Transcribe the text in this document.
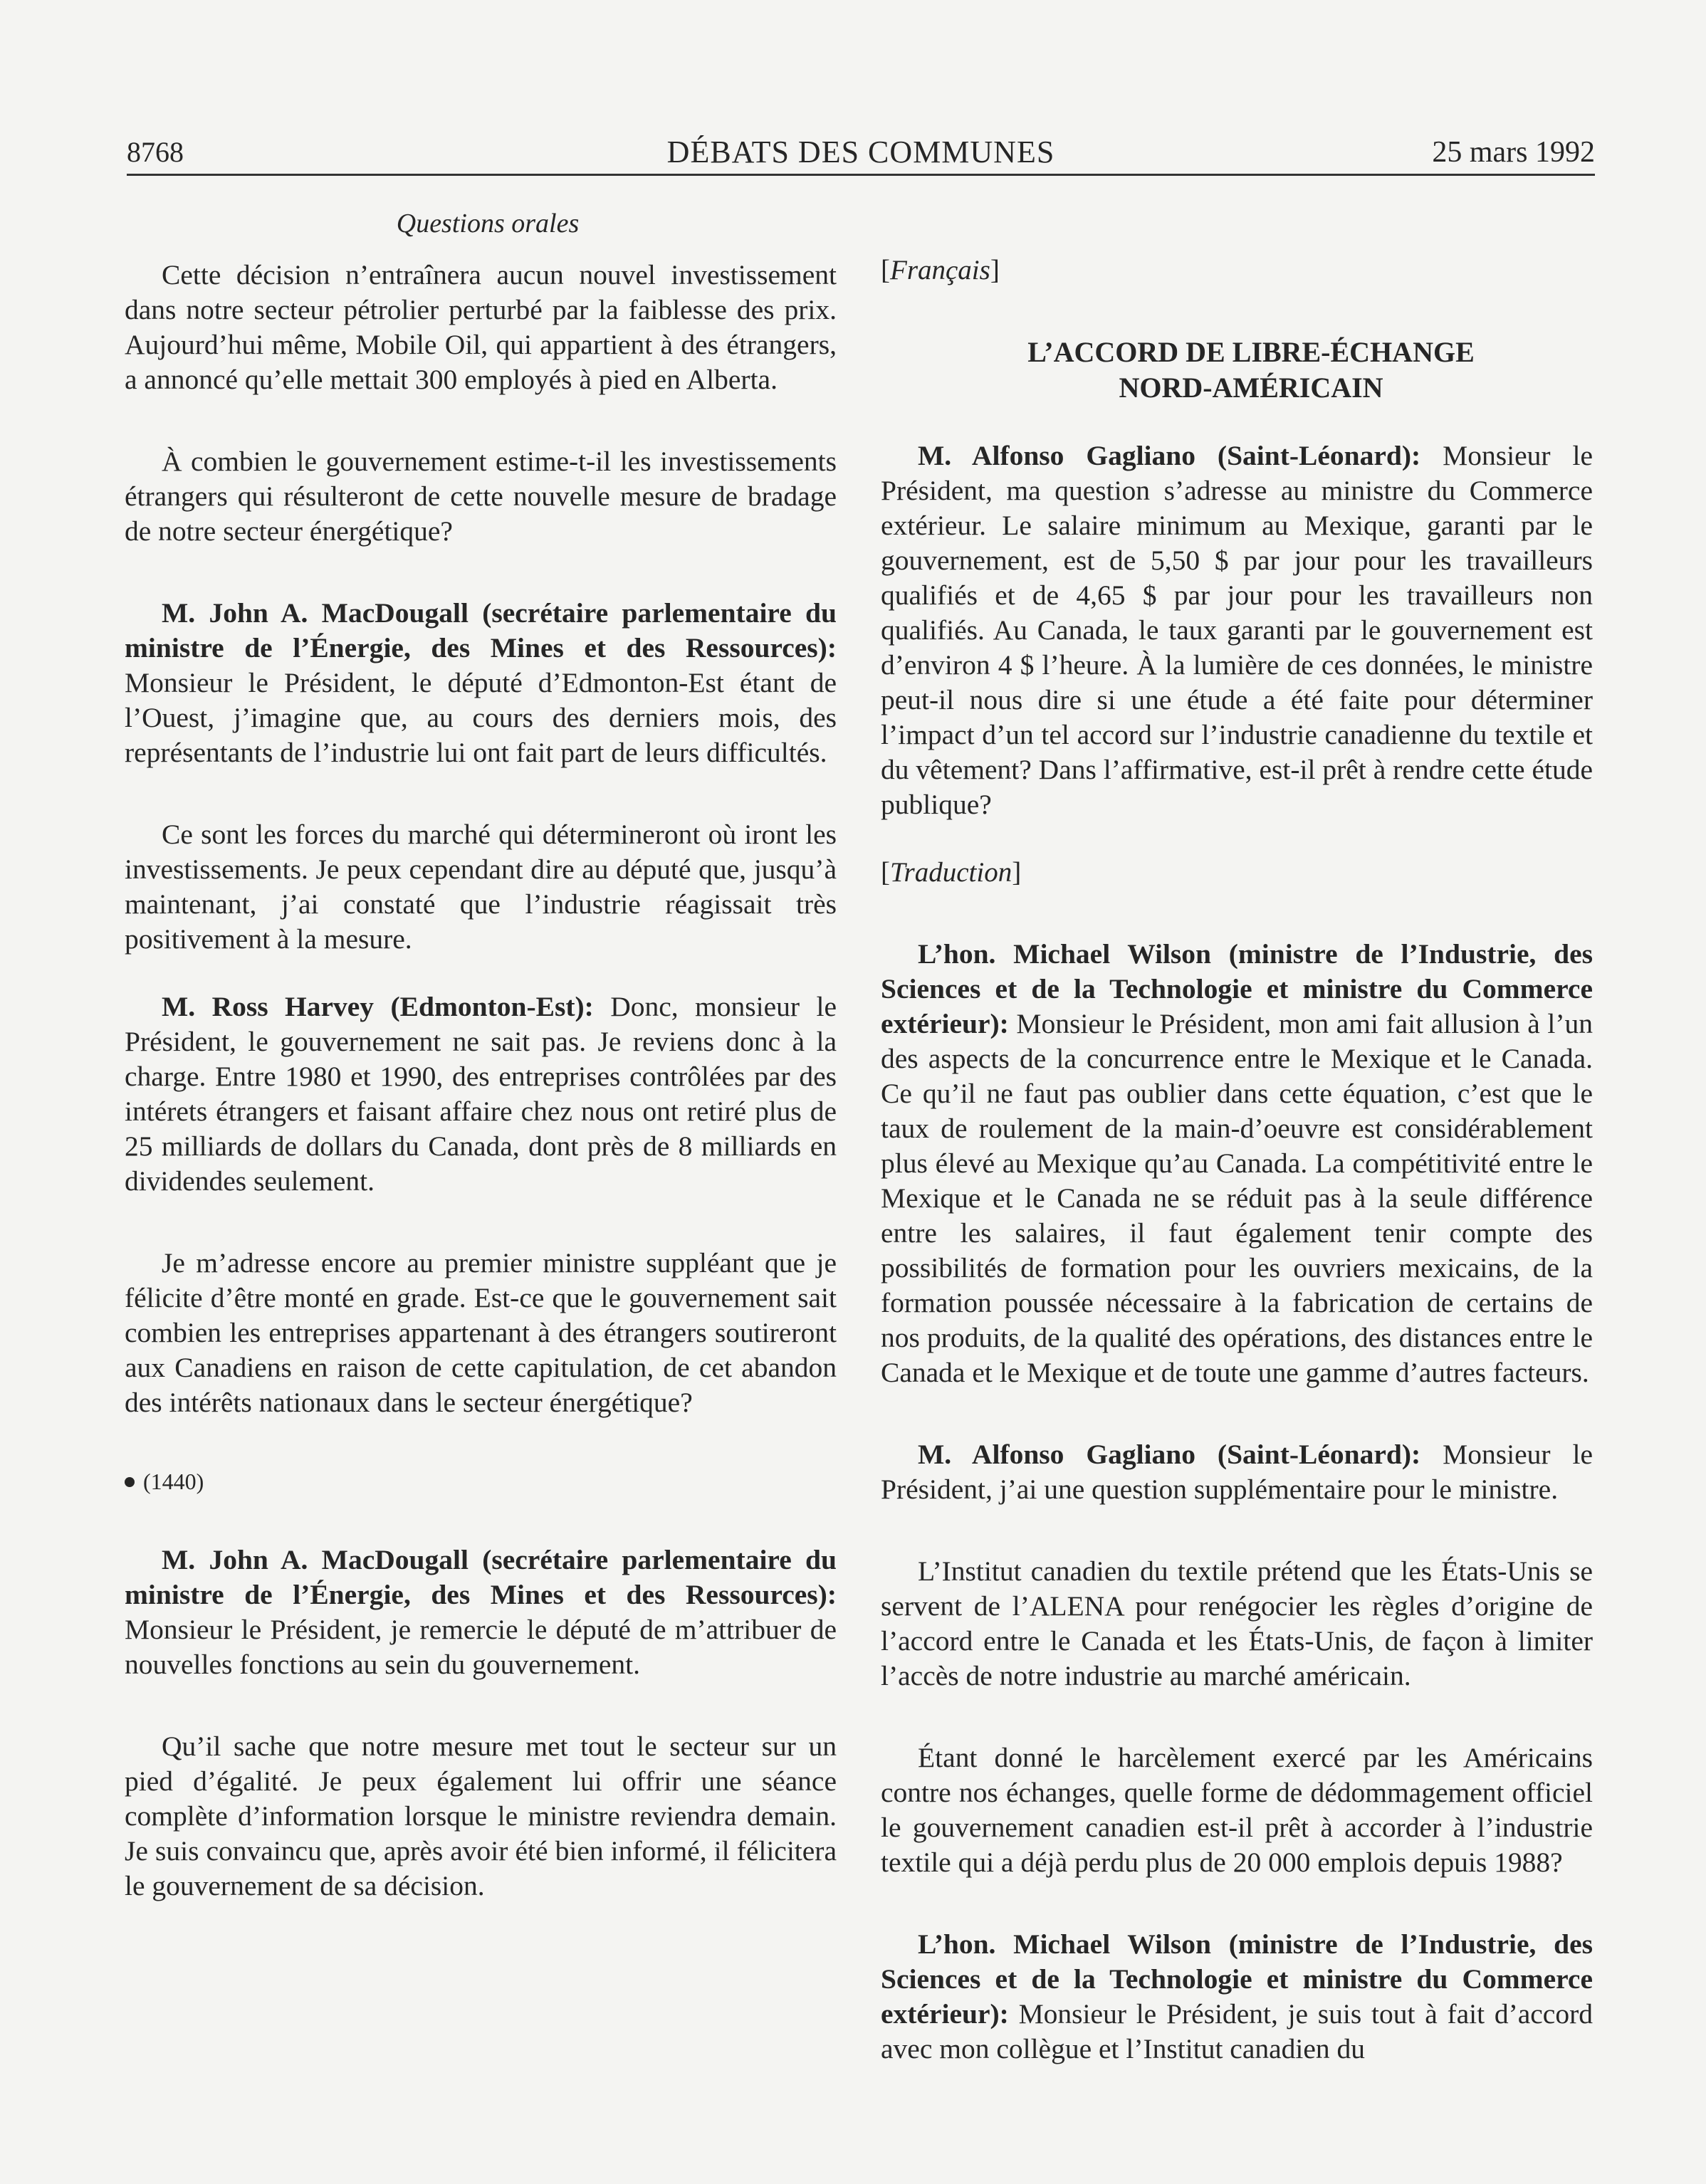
8768	DÉBATS DES COMMUNES	25 mars 1992
Questions orales

Cette décision n’entraînera aucun nouvel investissement dans notre secteur pétrolier perturbé par la faiblesse des prix. Aujourd’hui même, Mobile Oil, qui appartient à des étrangers, a annoncé qu’elle mettait 300 employés à pied en Alberta.

À combien le gouvernement estime-t-il les investissements étrangers qui résulteront de cette nouvelle mesure de bradage de notre secteur énergétique?

M. John A. MacDougall (secrétaire parlementaire du ministre de l’Énergie, des Mines et des Ressources): Monsieur le Président, le député d’Edmonton-Est étant de l’Ouest, j’imagine que, au cours des derniers mois, des représentants de l’industrie lui ont fait part de leurs difficultés.

Ce sont les forces du marché qui détermineront où iront les investissements. Je peux cependant dire au député que, jusqu’à maintenant, j’ai constaté que l’industrie réagissait très positivement à la mesure.

M. Ross Harvey (Edmonton-Est): Donc, monsieur le Président, le gouvernement ne sait pas. Je reviens donc à la charge. Entre 1980 et 1990, des entreprises contrôlées par des intérets étrangers et faisant affaire chez nous ont retiré plus de 25 milliards de dollars du Canada, dont près de 8 milliards en dividendes seulement.

Je m’adresse encore au premier ministre suppléant que je félicite d’être monté en grade. Est-ce que le gouvernement sait combien les entreprises appartenant à des étrangers soutireront aux Canadiens en raison de cette capitulation, de cet abandon des intérêts nationaux dans le secteur énergétique?

(1440)

M. John A. MacDougall (secrétaire parlementaire du ministre de l’Énergie, des Mines et des Ressources): Monsieur le Président, je remercie le député de m’attribuer de nouvelles fonctions au sein du gouvernement.

Qu’il sache que notre mesure met tout le secteur sur un pied d’égalité. Je peux également lui offrir une séance complète d’information lorsque le ministre reviendra demain. Je suis convaincu que, après avoir été bien informé, il félicitera le gouvernement de sa décision.

[Français]

L’ACCORD DE LIBRE-ÉCHANGE
NORD-AMÉRICAIN

M. Alfonso Gagliano (Saint-Léonard): Monsieur le Président, ma question s’adresse au ministre du Commerce extérieur. Le salaire minimum au Mexique, garanti par le gouvernement, est de 5,50 $ par jour pour les travailleurs qualifiés et de 4,65 $ par jour pour les travailleurs non qualifiés. Au Canada, le taux garanti par le gouvernement est d’environ 4 $ l’heure. À la lumière de ces données, le ministre peut-il nous dire si une étude a été faite pour déterminer l’impact d’un tel accord sur l’industrie canadienne du textile et du vêtement? Dans l’affirmative, est-il prêt à rendre cette étude publique?

[Traduction]

L’hon. Michael Wilson (ministre de l’Industrie, des Sciences et de la Technologie et ministre du Commerce extérieur): Monsieur le Président, mon ami fait allusion à l’un des aspects de la concurrence entre le Mexique et le Canada. Ce qu’il ne faut pas oublier dans cette équation, c’est que le taux de roulement de la main-d’oeuvre est considérablement plus élevé au Mexique qu’au Canada. La compétitivité entre le Mexique et le Canada ne se réduit pas à la seule différence entre les salaires, il faut également tenir compte des possibilités de formation pour les ouvriers mexicains, de la formation poussée nécessaire à la fabrication de certains de nos produits, de la qualité des opérations, des distances entre le Canada et le Mexique et de toute une gamme d’autres facteurs.

M. Alfonso Gagliano (Saint-Léonard): Monsieur le Président, j’ai une question supplémentaire pour le ministre.

L’Institut canadien du textile prétend que les États-Unis se servent de l’ALENA pour renégocier les règles d’origine de l’accord entre le Canada et les États-Unis, de façon à limiter l’accès de notre industrie au marché américain.

Étant donné le harcèlement exercé par les Américains contre nos échanges, quelle forme de dédommagement officiel le gouvernement canadien est-il prêt à accorder à l’industrie textile qui a déjà perdu plus de 20 000 emplois depuis 1988?

L’hon. Michael Wilson (ministre de l’Industrie, des Sciences et de la Technologie et ministre du Commerce extérieur): Monsieur le Président, je suis tout à fait d’accord avec mon collègue et l’Institut canadien du
